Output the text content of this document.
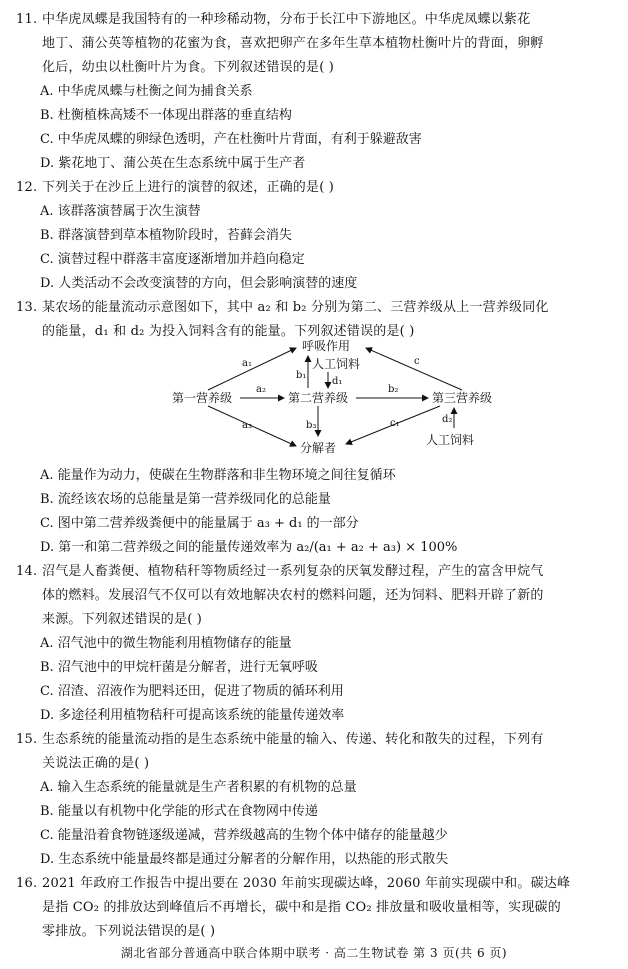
11. 中华虎凤蝶是我国特有的一种珍稀动物，分布于长江中下游地区。中华虎凤蝶以紫花
地丁、蒲公英等植物的花蜜为食，喜欢把卵产在多年生草本植物杜衡叶片的背面，卵孵
化后，幼虫以杜衡叶片为食。下列叙述错误的是( )
A. 中华虎凤蝶与杜衡之间为捕食关系
B. 杜衡植株高矮不一体现出群落的垂直结构
C. 中华虎凤蝶的卵绿色透明，产在杜衡叶片背面，有利于躲避敌害
D. 紫花地丁、蒲公英在生态系统中属于生产者
12. 下列关于在沙丘上进行的演替的叙述，正确的是( )
A. 该群落演替属于次生演替
B. 群落演替到草本植物阶段时，苔藓会消失
C. 演替过程中群落丰富度逐渐增加并趋向稳定
D. 人类活动不会改变演替的方向，但会影响演替的速度
13. 某农场的能量流动示意图如下，其中 a₂ 和 b₂ 分别为第二、三营养级从上一营养级同化
的能量，d₁ 和 d₂ 为投入饲料含有的能量。下列叙述错误的是( )
呼吸作用
人工饲料
第一营养级	第二营养级	第三营养级
分解者
人工饲料
a₁
a₂
a₃
b₁
b₂
b₃
d₁
c
c₁	d₂
A. 能量作为动力，使碳在生物群落和非生物环境之间往复循环
B. 流经该农场的总能量是第一营养级同化的总能量
C. 图中第二营养级粪便中的能量属于 a₃ + d₁ 的一部分
D. 第一和第二营养级之间的能量传递效率为 a₂/(a₁ + a₂ + a₃) × 100%
14. 沼气是人畜粪便、植物秸秆等物质经过一系列复杂的厌氧发酵过程，产生的富含甲烷气
体的燃料。发展沼气不仅可以有效地解决农村的燃料问题，还为饲料、肥料开辟了新的
来源。下列叙述错误的是( )
A. 沼气池中的微生物能利用植物储存的能量
B. 沼气池中的甲烷杆菌是分解者，进行无氧呼吸
C. 沼渣、沼液作为肥料还田，促进了物质的循环利用
D. 多途径利用植物秸秆可提高该系统的能量传递效率
15. 生态系统的能量流动指的是生态系统中能量的输入、传递、转化和散失的过程，下列有
关说法正确的是( )
A. 输入生态系统的能量就是生产者积累的有机物的总量
B. 能量以有机物中化学能的形式在食物网中传递
C. 能量沿着食物链逐级递减，营养级越高的生物个体中储存的能量越少
D. 生态系统中能量最终都是通过分解者的分解作用，以热能的形式散失
16. 2021 年政府工作报告中提出要在 2030 年前实现碳达峰，2060 年前实现碳中和。碳达峰
是指 CO₂ 的排放达到峰值后不再增长，碳中和是指 CO₂ 排放量和吸收量相等，实现碳的
零排放。下列说法错误的是( )
湖北省部分普通高中联合体期中联考 · 高二生物试卷 第 3 页(共 6 页)
